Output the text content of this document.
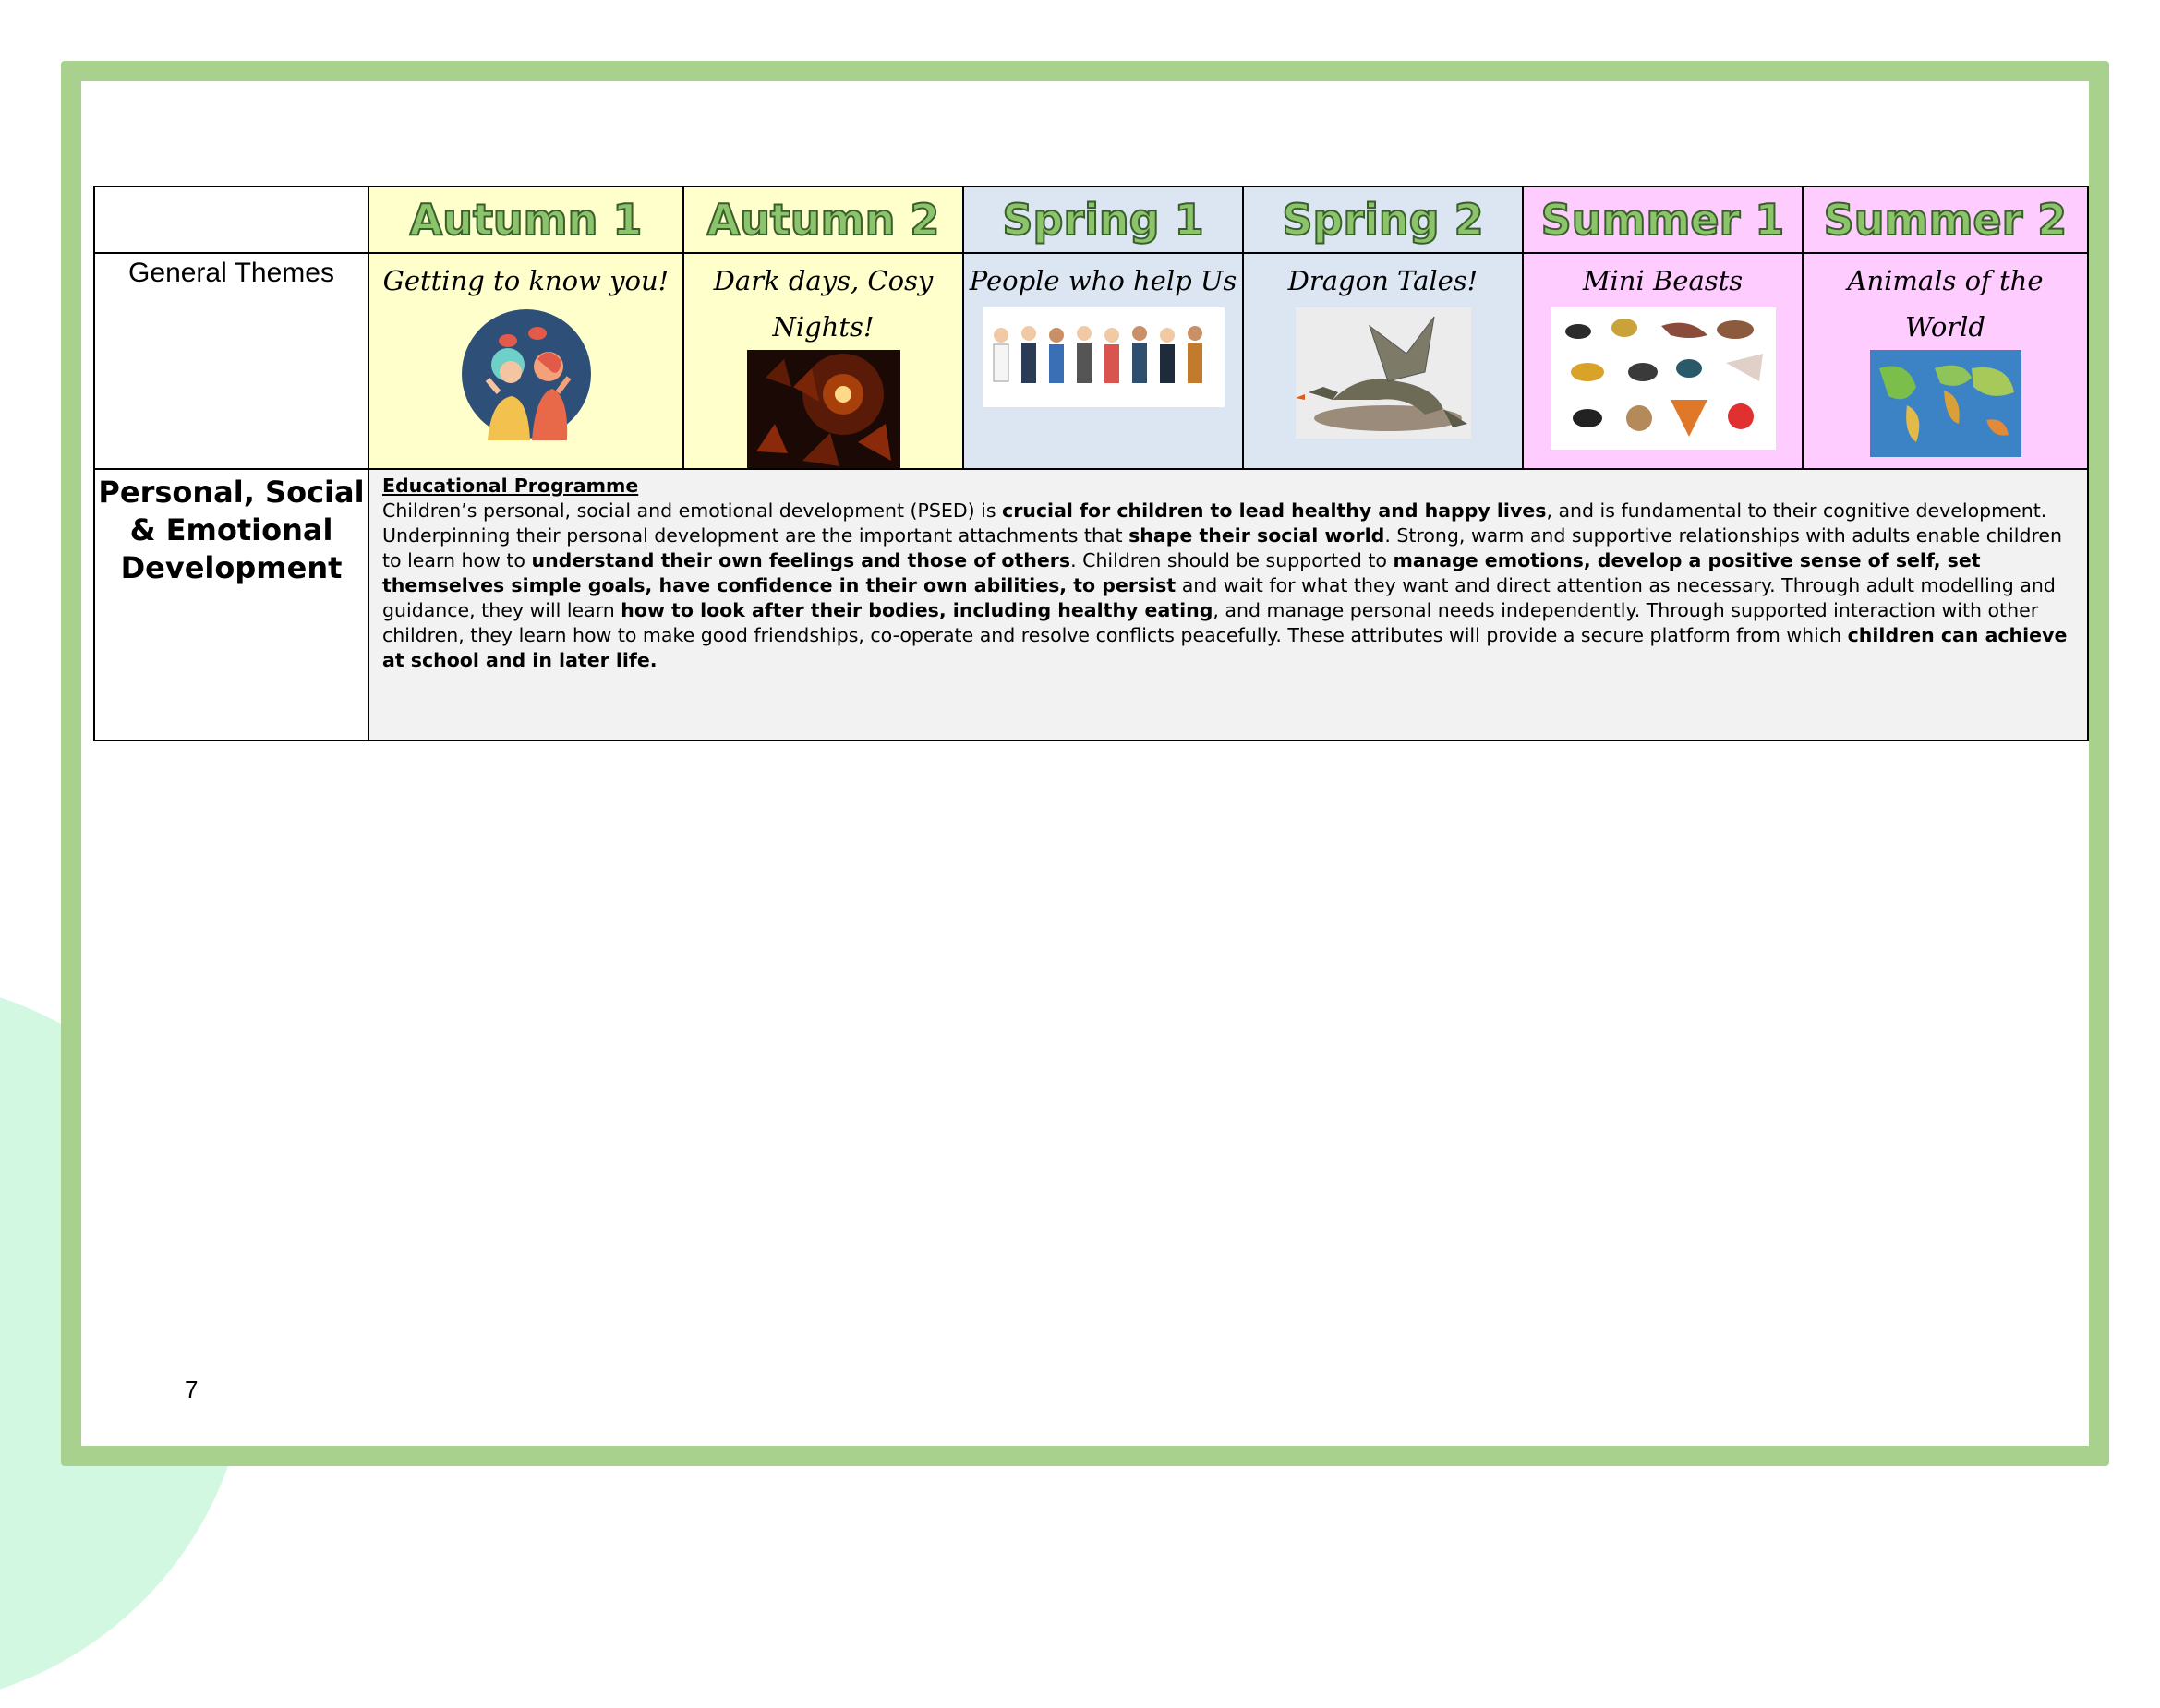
	Autumn 1	Autumn 2	Spring 1	Spring 2	Summer 1	Summer 2

General Themes	Getting to know you!	Dark days, Cosy Nights!	People who help Us	Dragon Tales!	Mini Beasts	Animals of the World

Personal, Social & Emotional Development	Educational Programme
Children’s personal, social and emotional development (PSED) is crucial for children to lead healthy and happy lives, and is fundamental to their cognitive development. Underpinning their personal development are the important attachments that shape their social world. Strong, warm and supportive relationships with adults enable children to learn how to understand their own feelings and those of others. Children should be supported to manage emotions, develop a positive sense of self, set themselves simple goals, have confidence in their own abilities, to persist and wait for what they want and direct attention as necessary. Through adult modelling and guidance, they will learn how to look after their bodies, including healthy eating, and manage personal needs independently. Through supported interaction with other children, they learn how to make good friendships, co-operate and resolve conflicts peacefully. These attributes will provide a secure platform from which children can achieve at school and in later life.					
7
